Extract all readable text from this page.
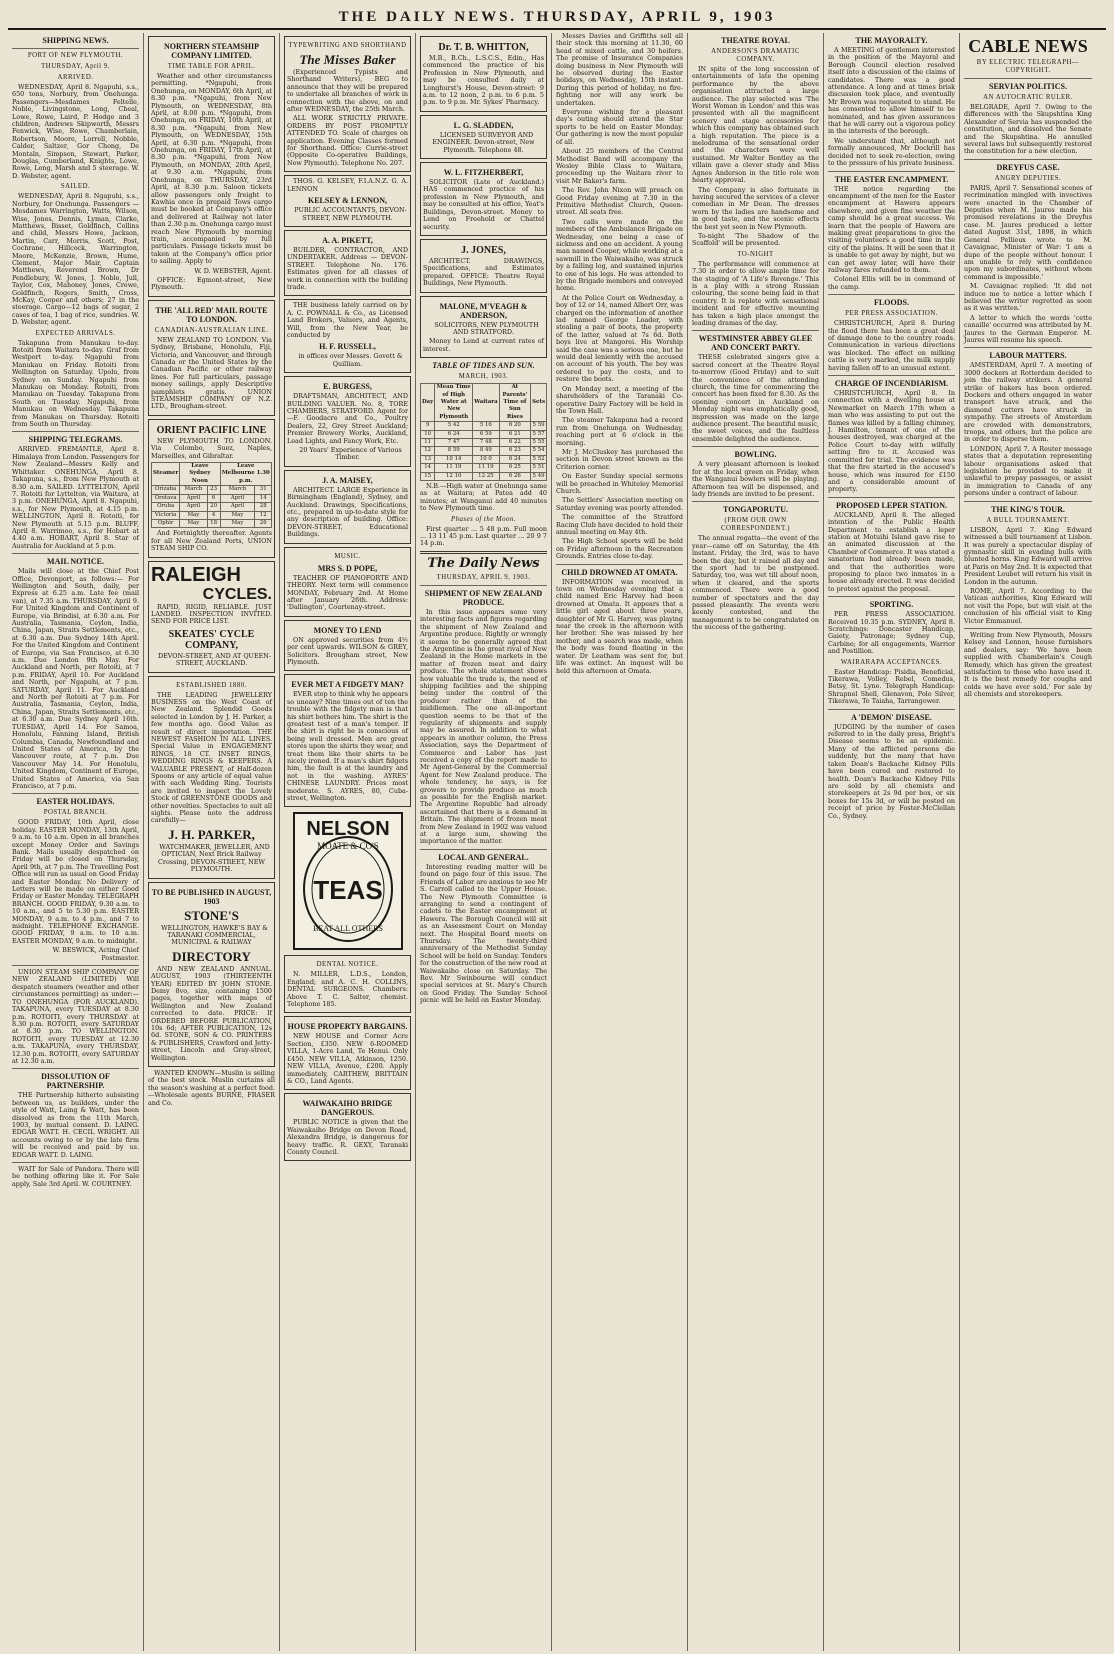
THE DAILY NEWS. THURSDAY, APRIL 9, 1903
SHIPPING NEWS.
PORT OF NEW PLYMOUTH.
THURSDAY, April 9.
ARRIVED.

WEDNESDAY, April 8. Ngapuhi, s.s., 650 tons, Norbury, from Onehunga. Passengers—Mesdames Feltelle, Noble, Livingstone, Long, Cheal, Lowe, Rowe, Laird, P. Hodge and 3 children, Andrews Skipworth, Messrs Fenwick, Wise, Rowe, Chamberlain, Robertson, Moore, Lorrell, Nobble, Calder, Saltzer, Gor Chong, De Montaln, Simpson, Stewart, Parker, Douglas, Cumberland, Knights, Lowe, Rowe, Long, Marsh and 5 steerage. W. D. Webster, agent.

SAILED.

WEDNESDAY, April 8. Ngapuhi, s.s., Norbury, for Onehunga. Passengers — Mesdames Warrington, Watts, Wilson, Wise, Jones, Dennis, Lyman, Clarke, Matthews, Bisset, Goldfinch, Collins and child, Messrs Howe, Jackson, Martin, Carr, Morris, Scott, Post, Cochrane, Hillcock, Warrington, Moore, McKenzie, Brown, Hume, Clement, Major Mair, Captain Matthews, Reverend Brown, Dr Pendlebury, W. Jones, J. Noble, Jull, Taylor, Cox, Mahoney, Jones, Crewe, Goldfinch, Rogers, Smith, Cross, McKay, Cooper and others; 27 in the steerage. Cargo—12 bags of sugar, 2 cases of tea, 1 bag of rice, sundries. W. D. Webster, agent.

EXPECTED ARRIVALS.

Takapuna from Manukau to-day. Rotoiti from Waitara to-day. Graf from Westport to-day. Ngapuhi from Manukau on Friday. Rotoiti from Wellington on Saturday. Upolu, from Sydney on Sunday. Ngapuhi from Manukau on Monday. Rotoiti, from Manukau on Tuesday. Takapuna from South on Tuesday. Ngapuhi, from Manukau on Wednesday. Takapuna from Manukau on Thursday. Rotoiti from South on Thursday.

SHIPPING TELEGRAMS.

ARRIVED. FREMANTLE, April 8. Himalaya from London. Passengers for New Zealand—Messrs Kelly and Whittaker. ONEHUNGA, April 8. Takapuna, s.s., from New Plymouth at 8.30 a.m. SAILED. LYTTELTON, April 7. Rotoiti for Lyttelton, via Waitara, at 3 p.m. ONEHUNGA, April 8. Ngapuhi, s.s., for New Plymouth, at 4.15 p.m. WELLINGTON, April 8. Rotoiti, for New Plymouth at 5.15 p.m. BLUFF, April 8. Warrimoo, s.s., for Hobart at 4.40 a.m. HOBART, April 8. Star of Australia for Auckland at 5 p.m.

MAIL NOTICE.

Mails will close at the Chief Post Office, Devonport, as follows:— For Wellington and South, daily, per Express at 6.25 a.m. Late fee (mail van), at 7.35 a.m. THURSDAY, April 9. For United Kingdom and Continent of Europe, via Brindisi, at 6.30 a.m. For Australia, Tasmania, Ceylon, India, China, Japan, Straits Settlements, etc., at 6.30 a.m. Due Sydney 14th April. For the United Kingdom and Continent of Europe, via San Francisco, at 6.30 a.m. Due London 9th May. For Auckland and North, per Rotoiti, at 7 p.m. FRIDAY, April 10. For Auckland and North, per Ngapuhi, at 7 p.m. SATURDAY, April 11. For Auckland and North per Rotoiti at 7 p.m. For Australia, Tasmania, Ceylon, India, China, Japan, Straits Settlements, etc., at 6.30 a.m. Due Sydney April 16th. TUESDAY, April 14. For Samoa, Honolulu, Fanning Island, British Columbia, Canada, Newfoundland and United States of America, by the Vancouver route, at 7 p.m. Due Vancouver May 14. For Honolulu, United Kingdom, Continent of Europe, United States of America, via San Francisco, at 7 p.m.

EASTER HOLIDAYS.
POSTAL BRANCH.

GOOD FRIDAY, 10th April, close holiday. EASTER MONDAY, 13th April, 9 a.m. to 10 a.m. Open in all branches except Money Order and Savings Bank. Mails usually despatched on Friday will be closed on Thursday, April 9th, at 7 p.m. The Travelling Post Office will run as usual on Good Friday and Easter Monday. No Delivery of Letters will be made on either Good Friday or Easter Monday. TELEGRAPH BRANCH. GOOD FRIDAY, 9.30 a.m. to 10 a.m., and 5 to 5.30 p.m. EASTER MONDAY, 9 a.m. to 4 p.m., and 7 to midnight. TELEPHONE EXCHANGE. GOOD FRIDAY, 9 a.m. to 10 a.m. EASTER MONDAY, 9 a.m. to midnight.

W. BESWICK, Acting Chief Postmaster.

UNION STEAM SHIP COMPANY OF NEW ZEALAND (LIMITED) Will despatch steamers (weather and other circumstances permitting) as under:— TO ONEHUNGA (FOR AUCKLAND). TAKAPUNA, every TUESDAY at 8.30 p.m. ROTOITI, every THURSDAY at 8.30 p.m. ROTOITI, every SATURDAY at 8.30 p.m. TO WELLINGTON. ROTOITI, every TUESDAY at 12.30 a.m. TAKAPUNA, every THURSDAY, 12.30 p.m. ROTOITI, every SATURDAY at 12.30 a.m.

DISSOLUTION OF PARTNERSHIP.

THE Partnership hitherto subsisting between us, as builders, under the style of Watt, Laing & Watt, has been dissolved as from the 11th March, 1903, by mutual consent. D. LAING. EDGAR WATT. H. CECIL WRIGHT. All accounts owing to or by the late firm will be received and paid by us. EDGAR WATT. D. LAING.

WAIT for Sale of Pandora. There will be nothing offering like it. For Sale apply, Sale 3rd April. W. COURTNEY.

NORTHERN STEAMSHIP COMPANY LIMITED.
TIME TABLE FOR APRIL.

Weather and other circumstances permitting. *Ngapuhi, from Onehunga, on MONDAY, 6th April, at 8.30 p.m. *Ngapuhi, from New Plymouth, on WEDNESDAY, 8th April, at 8.00 p.m. *Ngapuhi, from Onehunga, on FRIDAY, 10th April, at 8.30 p.m. *Ngapuhi, from New Plymouth, on WEDNESDAY, 15th April, at 6.30 p.m. *Ngapuhi, from Onehunga, on FRIDAY, 17th April, at 8.30 p.m. *Ngapuhi, from New Plymouth, on MONDAY, 20th April, at 9.30 a.m. *Ngapuhi, from Onehunga, on THURSDAY, 23rd April, at 8.30 p.m. Saloon tickets allow passengers only freight to Kawhia once in prepaid Tows cargo must be booked at Company's office and delivered at Railway not later than 2.30 p.m. Onehunga cargo must reach New Plymouth by morning train, accompanied by full particulars. Passage tickets must be taken at the Company's office prior to sailing. Apply to

W. D. WEBSTER, Agent.

OFFICE: Egmont-street, New Plymouth.

THE 'ALL RED' MAIL ROUTE TO LONDON.
CANADIAN-AUSTRALIAN LINE.

NEW ZEALAND TO LONDON. Via Sydney, Brisbane, Honolulu, Fiji, Victoria, and Vancouver, and through Canada or the United States by the Canadian Pacific or other railway lines. For full particulars, passage money sailings, apply Descriptive pamphlets gratis. UNION STEAMSHIP COMPANY OF N.Z. LTD., Brougham-street.

ORIENT PACIFIC LINE

NEW PLYMOUTH TO LONDON. Via Colombo, Suez, Naples, Marseilles, and Gibraltar.

Steamer	Leave Sydney Noon		Leave Melbourne 1.30 p.m.	
Orizaba	March	23	March	31
Orotava	April	6	April	14
Oruba	April	20	April	28
Victoria	May	4	May	12
Ophir	May	18	May	26

And Fortnightly thereafter. Agents for all New Zealand Ports, UNION STEAM SHIP CO.

RALEIGH
CYCLES.

RAPID, RIGID, RELIABLE. JUST LANDED. INSPECTION INVITED. SEND FOR PRICE LIST.

SKEATES' CYCLE COMPANY,

DEVON-STREET, AND AT QUEEN-STREET, AUCKLAND.

ESTABLISHED 1880.

THE LEADING JEWELLERY BUSINESS on the West Coast of New Zealand. Splendid Goods selected in London by J. H. Parker, a few months ago. Good Value as result of direct importation. THE NEWEST FASHION IN ALL LINES. Special Value in ENGAGEMENT RINGS, 18 CT. INSET RINGS, WEDDING RINGS & KEEPERS. A VALUABLE PRESENT, of Half-dozen Spoons or any article of equal value with each Wedding Ring. Tourists are invited to inspect the Lovely Stock of GREENSTONE GOODS and other novelties. Spectacles to suit all sights. Please note the address carefully—

J. H. PARKER,

WATCHMAKER, JEWELLER, AND OPTICIAN, Next Brick Railway Crossing, DEVON-STREET, NEW PLYMOUTH.

TO BE PUBLISHED IN AUGUST, 1903
STONE'S

WELLINGTON, HAWKE'S BAY & TARANAKI COMMERCIAL, MUNICIPAL & RAILWAY

DIRECTORY

AND NEW ZEALAND ANNUAL. AUGUST, 1903 (THIRTEENTH YEAR) EDITED BY JOHN STONE. Demy 8vo, size, containing 1500 pages, together with maps of Wellington and New Zealand corrected to date. PRICE: If ORDERED BEFORE PUBLICATION, 10s 6d; AFTER PUBLICATION, 12s 6d. STONE, SON & CO. PRINTERS & PUBLISHERS, Crawford and Jetty-street, Lincoln and Gray-street, Wellington.

WANTED KNOWN—Muslin is selling of the best stock. Muslin curtains all the season's washing at a perfect food.—Wholesale agents BURNE, FRASER and Co.

TYPEWRITING AND SHORTHAND
The Misses Baker

(Experienced Typists and Shorthand Writers), BEG to announce that they will be prepared to undertake all branches of work in connection with the above, on and after WEDNESDAY, the 25th March.

ALL WORK STRICTLY PRIVATE. ORDERS BY POST PROMPTLY ATTENDED TO. Scale of charges on application. Evening Classes formed for Shorthand. Office: Currie-street (Opposite Co-operative Buildings, New Plymouth). Telephone No. 207.

THOS. G. KELSEY, F.I.A.N.Z. G. A. LENNON

KELSEY & LENNON,

PUBLIC ACCOUNTANTS, DEVON-STREET, NEW PLYMOUTH.

A. A. PIKETT,

BUILDER, CONTRACTOR, AND UNDERTAKER. Address — DEVON-STREET. Telephone No. 176. Estimates given for all classes of work in connection with the building trade.

THE business lately carried on by A. C. POWNALL & Co., as Licensed Land Brokers, Valuers, and Agents, Will, from the New Year, be conducted by

H. F. RUSSELL,

in offices over Messrs. Govett & Quilliam.

E. BURGESS,

DRAFTSMAN, ARCHITECT, AND BUILDING VALUER. No. 8, TORE CHAMBERS, STRATFORD. Agent for—F. Goodacre and Co., Poultry Dealers, 22, Grey Street Auckland; Premier Brewery Works, Auckland, Lead Lights, and Fancy Work, Etc.

20 Years' Experience of Various Timber.

J. A. MAISEY,

ARCHITECT. LARGE Experience in Birmingham (England), Sydney, and Auckland. Drawings, Specifications, etc., prepared in up-to-date style for any description of building. Office: DEVON-STREET, Educational Buildings.

MUSIC.
MRS S. D POPE,

TEACHER OF PIANOFORTE AND THEORY. Next term will commence MONDAY, February 2nd. At Home after January 26th. Address: 'Dallington', Courtenay-street.

MONEY TO LEND

ON approved securities from 4½ per cent upwards. WILSON & GREY, Solicitors. Brougham street, New Plymouth.

EVER MET A FIDGETY MAN?

EVER stop to think why he appears so uneasy? Nine times out of ten the trouble with the fidgety man is that his shirt bothers him. The shirt is the greatest test of a man's temper. If the shirt is right he is conscious of being well dressed. Men are great stores upon the shirts they wear, and treat them like their shirts to be nicely ironed. If a man's shirt fidgets him, the fault is at the laundry and not in the washing. AYRES' CHINESE LAUNDRY. Prices most moderate. S. AYRES, 80, Cuba-street, Wellington.

NELSON
MOATE & CO'S
TEAS
BEAT ALL OTHERS
DENTAL NOTICE.

N. MILLER, L.D.S., London, England; and A. C. H. COLLINS, DENTAL SURGEONS. Chambers: Above T. C. Salter, chemist. Telephone 185.

HOUSE PROPERTY BARGAINS.

NEW HOUSE and Corner Acre Section, £350. NEW 6-ROOMED VILLA, 1-Acre Land, Te Henui. Only £450. NEW VILLA, Atkinson, 1250. NEW VILLA, Avenue, £200. Apply immediately, CARTHEW, BRITTAIN & CO., Land Agents.

WAIWAKAIHO BRIDGE DANGEROUS.

PUBLIC NOTICE is given that the Waiwakaiho Bridge on Devon Road, Alexandra Bridge, is dangerous for heavy traffic. R. GEXY, Taranaki County Council.

Dr. T. B. WHITTON,

M.B., B.Ch., L.S.C.S., Edin., Has commenced the practice of his Profession in New Plymouth, and may be consulted daily at Longhurst's House, Devon-street: 9 a.m. to 12 noon, 2 p.m. to 6 p.m. 5 p.m. to 9 p.m. Mr. Sykes' Pharmacy.

L. G. SLADDEN,

LICENSED SURVEYOR AND ENGINEER. Devon-street, New Plymouth. Telephone 48.

W. L. FITZHERBERT,

SOLICITOR (Late of Auckland.) HAS commenced practice of his profession in New Plymouth, and may be consulted at his office, Yeat's Buildings, Devon-street. Money to Lend on Freehold or Chattel security.

J. JONES,

ARCHITECT. DRAWINGS, Specifications, and Estimates prepared. OFFICE: Theatre Royal Buildings, New Plymouth.

MALONE, M'VEAGH & ANDERSON,

SOLICITORS, NEW PLYMOUTH AND STRATFORD.

Money to Lend at current rates of interest.

TABLE OF TIDES AND SUN.
MARCH, 1903.
Day	Mean Time of High Water at New Plymouth	Waitara	At Parents' Time of Sun Rises	Sets
9	5 42	5 16	6 20	5 59
10	6 24	6 59	6 21	5 57
11	7 47	7 48	6 22	5 55
12	8 59	8 49	6 23	5 54
13	10 14	10 0	6 24	5 52
14	11 19	11 19	6 25	5 51
15	12 10	12 25	6 26	5 49

N.B.—High water at Onehunga same as at Waitara; at Patea add 40 minutes; at Wanganui add 40 minutes to New Plymouth time.

Phases of the Moon.

First quarter ... 5 48 p.m. Full moon ... 13 11 45 p.m. Last quarter ... 20 9 7 14 p.m.

The Daily News
THURSDAY, APRIL 9, 1903.
SHIPMENT OF NEW ZEALAND PRODUCE.

In this issue appears some very interesting facts and figures regarding the shipment of New Zealand and Argentine produce. Rightly or wrongly it seems to be generally agreed that the Argentine is the great rival of New Zealand in the Home markets in the matter of frozen meat and dairy produce. The whole statement shows how valuable the trade is, the need of shipping facilities and the shipping being under the control of the producer rather than of the middlemen. The one all-important question seems to be that of the regularity of shipments and supply may be assured. In addition to what appears in another column, the Press Association, says the Department of Commerce and Labor has just received a copy of the report made to Mr Agent-General by the Commercial Agent for New Zealand produce. The whole tendency, he says, is for growers to provide produce as much as possible for the English market. The Argentine Republic had already ascertained that there is a demand in Britain. The shipment of frozen meat from New Zealand in 1902 was valued at a large sum, showing the importance of the matter.

LOCAL AND GENERAL.

Interesting reading matter will be found on page four of this issue. The Friends of Labor are anxious to see Mr S. Carroll called to the Upper House. The New Plymouth Committee is arranging to send a contingent of cadets to the Easter encampment at Hawera. The Borough Council will sit as an Assessment Court on Monday next. The Hospital Board meets on Thursday. The twenty-third anniversary of the Methodist Sunday School will be held on Sunday. Tenders for the construction of the new road at Waiwakaiho close on Saturday. The Rev. Mr Swinbourne will conduct special services at St. Mary's Church on Good Friday. The Sunday School picnic will be held on Easter Monday.

Messrs Davies and Griffiths sell all their stock this morning at 11.30, 60 head of mixed cattle, and 30 heifers. The promise of Insurance Companies doing business in New Plymouth will be observed during the Easter holidays, on Wednesday, 15th instant. During this period of holiday, no fire-fighting nor will any work be undertaken.

Everyone wishing for a pleasant day's outing should attend the Star sports to be held on Easter Monday. Our gathering is now the most popular of all.

About 25 members of the Central Methodist Band will accompany the Wesley Bible Class to Waitara, proceeding up the Waitara river to visit Mr Baker's farm.

The Rev. John Nixon will preach on Good Friday evening at 7.30 in the Primitive Methodist Church, Queen-street. All seats free.

Two calls were made on the members of the Ambulance Brigade on Wednesday, one being a case of sickness and one an accident. A young man named Cooper, while working at a sawmill in the Waiwakaiho, was struck by a falling log, and sustained injuries to one of his legs. He was attended to by the Brigade members and conveyed home.

At the Police Court on Wednesday, a boy of 12 or 14, named Albert Orr, was charged on the information of another lad named George Loader, with stealing a pair of boots, the property of the latter, valued at 7s 6d. Both boys live at Mangorei. His Worship said the case was a serious one, but he would deal leniently with the accused on account of his youth. The boy was ordered to pay the costs, and to restore the boots.

On Monday next, a meeting of the shareholders of the Taranaki Co-operative Dairy Factory will be held in the Town Hall.

The steamer Takapuna had a record run from Onehunga on Wednesday, reaching port at 6 o'clock in the morning.

Mr J. McCluskey has purchased the section in Devon street known as the Criterion corner.

On Easter Sunday special sermons will be preached in Whiteley Memorial Church.

The Settlers' Association meeting on Saturday evening was poorly attended.

The committee of the Stratford Racing Club have decided to hold their annual meeting on May 4th.

The High School sports will be held on Friday afternoon in the Recreation Grounds. Entries close to-day.

CHILD DROWNED AT OMATA.

INFORMATION was received in town on Wednesday evening that a child named Eric Harvey had been drowned at Omata. It appears that a little girl aged about three years, daughter of Mr G. Harvey, was playing near the creek in the afternoon with her brother. She was missed by her mother, and a search was made, when the body was found floating in the water. Dr Leatham was sent for, but life was extinct. An inquest will be held this afternoon at Omata.

THEATRE ROYAL
ANDERSON'S DRAMATIC COMPANY.

IN spite of the long succession of entertainments of late the opening performance by the above organisation attracted a large audience. The play selected was 'The Worst Woman in London' and this was presented with all the magnificent scenery and stage accessories for which this company has obtained such a high reputation. The piece is a melodrama of the sensational order and the characters were well sustained. Mr Walter Bentley as the villain gave a clever study and Miss Agnes Anderson in the title role won hearty approval.

The Company is also fortunate in having secured the services of a clever comedian in Mr Dean. The dresses worn by the ladies are handsome and in good taste, and the scenic effects the best yet seen in New Plymouth.

To-night 'The Shadow of the Scaffold' will be presented.

TO-NIGHT

The performance will commence at 7.30 in order to allow ample time for the staging of 'A Life's Revenge.' This is a play with a strong Russian colouring, the scene being laid in that country. It is replete with sensational incident and for effective mounting has taken a high place amongst the leading dramas of the day.

WESTMINSTER ABBEY GLEE AND CONCERT PARTY.

THESE celebrated singers give a sacred concert at the Theatre Royal to-morrow (Good Friday) and to suit the convenience of the attending church, the time for commencing the concert has been fixed for 8.30. As the opening concert in Auckland on Monday night was emphatically good, impression was made on the large audience present. The beautiful music, the sweet voices, and the faultless ensemble delighted the audience.

BOWLING.

A very pleasant afternoon is looked for at the local green on Friday, when the Wanganui bowlers will be playing. Afternoon tea will be dispensed, and lady friends are invited to be present.

TONGAPORUTU.
(FROM OUR OWN CORRESPONDENT.)

The annual regatta—the event of the year—came off on Saturday, the 4th instant. Friday, the 3rd, was to have been the day, but it rained all day and the sport had to be postponed. Saturday, too, was wet till about noon, when it cleared, and the sports commenced. There were a good number of spectators and the day passed pleasantly. The events were keenly contested, and the management is to be congratulated on the success of the gathering.

THE MAYORALTY.

A MEETING of gentlemen interested in the position of the Mayoral and Borough Council election resolved itself into a discussion of the claims of candidates. There was a good attendance. A long and at times brisk discussion took place, and eventually Mr Brown was requested to stand. He has consented to allow himself to be nominated, and has given assurances that he will carry out a vigorous policy in the interests of the borough.

We understand that, although not formally announced, Mr Dockrill has decided not to seek re-election, owing to the pressure of his private business.

THE EASTER ENCAMPMENT.

THE notice regarding the encampment of the men for the Easter encampment at Hawera appears elsewhere, and given fine weather the camp should be a great success. We learn that the people of Hawera are making great preparations to give the visiting volunteers a good time in the city of the plains. It will be seen that it is unable to get away by night, but we can get away later, will have their railway fares refunded to them.

Colonel Ellis will be in command of the camp.

FLOODS.
PER PRESS ASSOCIATION.

CHRISTCHURCH, April 8. During the flood there has been a great deal of damage done to the country roads. Communication in various directions was blocked. The effect on milking cattle is very marked, the milk supply having fallen off to an unusual extent.

CHARGE OF INCENDIARISM.

CHRISTCHURCH, April 8. In connection with a dwelling house at Newmarket on March 17th when a man who was assisting to put out the flames was killed by a falling chimney, J. Hamilton, tenant of one of the houses destroyed, was charged at the Police Court to-day with wilfully setting fire to it. Accused was committed for trial. The evidence was that the fire started in the accused's house, which was insured for £150 and a considerable amount of property.

PROPOSED LEPER STATION.

AUCKLAND, April 8. The alleged intention of the Public Health Department to establish a leper station at Motuihi Island gave rise to an animated discussion at the Chamber of Commerce. It was stated a sanatorium had already been made, and that the authorities were proposing to place two inmates in a house already erected. It was decided to protest against the proposal.

SPORTING.

PER PRESS ASSOCIATION. Received 10.35 p.m. SYDNEY, April 8. Scratchings: Doncaster Handicap, Gaiety, Patronage; Sydney Cup, Carbine; for all engagements, Warrior and Postillion.

WAIRARAPA ACCEPTANCES.

Easter Handicap: Pisidia, Beneficial, Tikerawa, Volley, Rebel, Comedus, Betsy, St. Lyne. Telegraph Handicap: Shrapnel Shell, Glenavon, Polo Silver, Tikerawa, Te Taiaha, Tarrangower.

A 'DEMON' DISEASE.

JUDGING by the number of cases referred to in the daily press, Bright's Disease seems to be an epidemic. Many of the afflicted persons die suddenly, but the many that have taken Doan's Backache Kidney Pills have been cured and restored to health. Doan's Backache Kidney Pills are sold by all chemists and storekeepers at 2s 9d per box, or six boxes for 15s 3d, or will be posted on receipt of price by Foster-McClellan Co., Sydney.

CABLE NEWS
BY ELECTRIC TELEGRAPH—COPYRIGHT.
SERVIAN POLITICS.
AN AUTOCRATIC RULER.

BELGRADE, April 7. Owing to the differences with the Skupshtina King Alexander of Servia has suspended the constitution, and dissolved the Senate and the Skupshtina. He annulled several laws but subsequently restored the constitution for a new election.

DREYFUS CASE.
ANGRY DEPUTIES.

PARIS, April 7. Sensational scenes of recrimination mingled with invectives were enacted in the Chamber of Deputies when M. Jaures made his promised revelations in the Dreyfus case. M. Jaures produced a letter dated August 31st, 1898, in which General Pellieux wrote to M. Cavaignac, Minister of War: 'I am a dupe of the people without honour. I am unable to rely with confidence upon my subordinates, without whom command is impossible.'

M. Cavaignac replied: 'It did not induce me to notice a letter which I believed the writer regretted as soon as it was written.'

A letter to which the words 'cette canaille' occurred was attributed by M. Jaures to the German Emperor. M. Jaures will resume his speech.

LABOUR MATTERS.

AMSTERDAM, April 7. A meeting of 3000 dockers at Rotterdam decided to join the railway strikers. A general strike of bakers has been ordered. Dockers and others engaged in water transport have struck, and the diamond cutters have struck in sympathy. The streets of Amsterdam are crowded with demonstrators, troops, and others, but the police are in order to disperse them.

LONDON, April 7. A Reuter message states that a deputation representing labour organisations asked that legislation be provided to make it unlawful to prepay passages, or assist in immigration to Canada of any persons under a contract of labour.

THE KING'S TOUR.
A BULL TOURNAMENT.

LISBON, April 7. King Edward witnessed a bull tournament at Lisbon. It was purely a spectacular display of gymnastic skill in evading bulls with blunted horns. King Edward will arrive at Paris on May 2nd. It is expected that President Loubet will return his visit in London in the autumn.

ROME, April 7. According to the Vatican authorities, King Edward will not visit the Pope, but will visit at the conclusion of his official visit to King Victor Emmanuel.

Writing from New Plymouth, Messrs Kelsey and Lennon, house furnishers and dealers, say: 'We have been supplied with Chamberlain's Cough Remedy, which has given the greatest satisfaction to those who have used it. It is the best remedy for coughs and colds we have ever sold.' For sale by all chemists and storekeepers.
